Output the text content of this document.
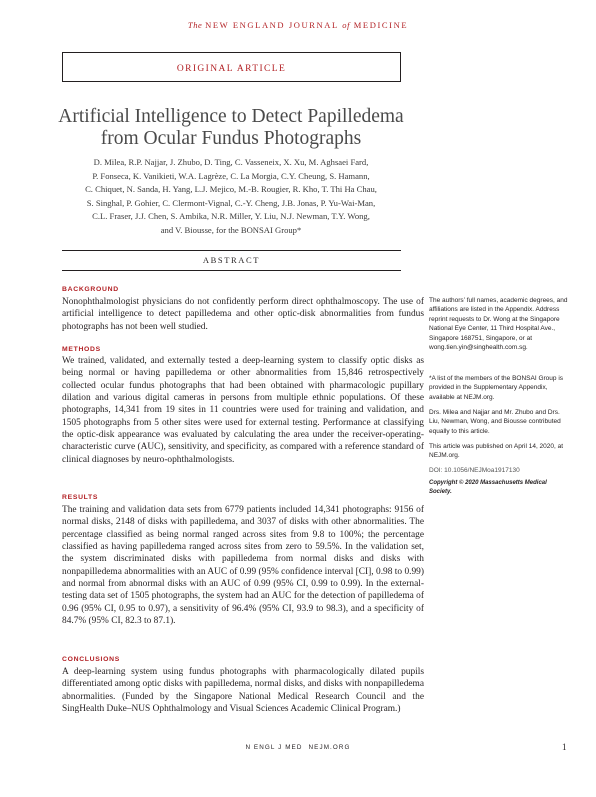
The NEW ENGLAND JOURNAL of MEDICINE
ORIGINAL ARTICLE
Artificial Intelligence to Detect Papilledema
from Ocular Fundus Photographs
D. Milea, R.P. Najjar, J. Zhubo, D. Ting, C. Vasseneix, X. Xu, M. Aghsaei Fard,
P. Fonseca, K. Vanikieti, W.A. Lagrèze, C. La Morgia, C.Y. Cheung, S. Hamann,
C. Chiquet, N. Sanda, H. Yang, L.J. Mejico, M.-B. Rougier, R. Kho, T. Thi Ha Chau,
S. Singhal, P. Gohier, C. Clermont-Vignal, C.-Y. Cheng, J.B. Jonas, P. Yu-Wai-Man,
C.L. Fraser, J.J. Chen, S. Ambika, N.R. Miller, Y. Liu, N.J. Newman, T.Y. Wong,
and V. Biousse, for the BONSAI Group*
ABSTRACT
BACKGROUND
Nonophthalmologist physicians do not confidently perform direct ophthalmoscopy. The use of artificial intelligence to detect papilledema and other optic-disk abnormalities from fundus photographs has not been well studied.
METHODS
We trained, validated, and externally tested a deep-learning system to classify optic disks as being normal or having papilledema or other abnormalities from 15,846 retrospectively collected ocular fundus photographs that had been obtained with pharmacologic pupillary dilation and various digital cameras in persons from multiple ethnic populations. Of these photographs, 14,341 from 19 sites in 11 countries were used for training and validation, and 1505 photographs from 5 other sites were used for external testing. Performance at classifying the optic-disk appearance was evaluated by calculating the area under the receiver-operating-characteristic curve (AUC), sensitivity, and specificity, as compared with a reference standard of clinical diagnoses by neuro-ophthalmologists.
RESULTS
The training and validation data sets from 6779 patients included 14,341 photographs: 9156 of normal disks, 2148 of disks with papilledema, and 3037 of disks with other abnormalities. The percentage classified as being normal ranged across sites from 9.8 to 100%; the percentage classified as having papilledema ranged across sites from zero to 59.5%. In the validation set, the system discriminated disks with papilledema from normal disks and disks with nonpapilledema abnormalities with an AUC of 0.99 (95% confidence interval [CI], 0.98 to 0.99) and normal from abnormal disks with an AUC of 0.99 (95% CI, 0.99 to 0.99). In the external-testing data set of 1505 photographs, the system had an AUC for the detection of papilledema of 0.96 (95% CI, 0.95 to 0.97), a sensitivity of 96.4% (95% CI, 93.9 to 98.3), and a specificity of 84.7% (95% CI, 82.3 to 87.1).
CONCLUSIONS
A deep-learning system using fundus photographs with pharmacologically dilated pupils differentiated among optic disks with papilledema, normal disks, and disks with nonpapilledema abnormalities. (Funded by the Singapore National Medical Research Council and the SingHealth Duke–NUS Ophthalmology and Visual Sciences Academic Clinical Program.)
The authors’ full names, academic degrees, and affiliations are listed in the Appendix. Address reprint requests to Dr. Wong at the Singapore National Eye Center, 11 Third Hospital Ave., Singapore 168751, Singapore, or at wong.tien.yin@singhealth.com.sg.
*A list of the members of the BONSAI Group is provided in the Supplementary Appendix, available at NEJM.org.
Drs. Milea and Najjar and Mr. Zhubo and Drs. Liu, Newman, Wong, and Biousse contributed equally to this article.
This article was published on April 14, 2020, at NEJM.org.
DOI: 10.1056/NEJMoa1917130
Copyright © 2020 Massachusetts Medical Society.
N ENGL J MED NEJM.ORG	1
